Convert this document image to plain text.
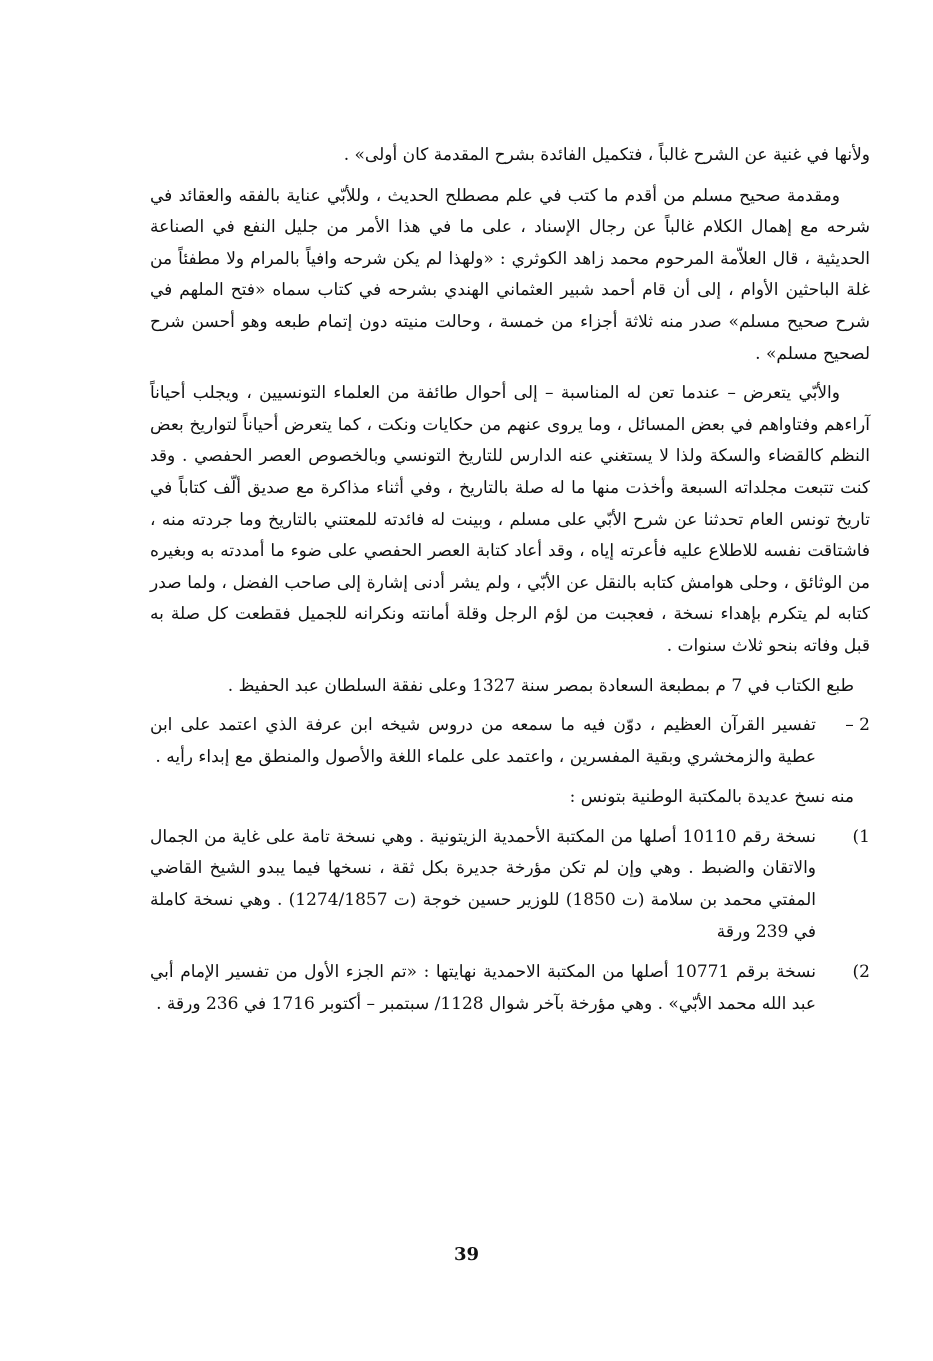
ولأنها في غنية عن الشرح غالباً ، فتكميل الفائدة بشرح المقدمة كان أولى» .

ومقدمة صحيح مسلم من أقدم ما كتب في علم مصطلح الحديث ، وللأبّي عناية بالفقه والعقائد في شرحه مع إهمال الكلام غالباً عن رجال الإسناد ، على ما في هذا الأمر من جليل النفع في الصناعة الحديثية ، قال العلاّمة المرحوم محمد زاهد الكوثري : «ولهذا لم يكن شرحه وافياً بالمرام ولا مطفئاً من غلة الباحثين الأوام ، إلى أن قام أحمد شبير العثماني الهندي بشرحه في كتاب سماه «فتح الملهم في شرح صحيح مسلم» صدر منه ثلاثة أجزاء من خمسة ، وحالت منيته دون إتمام طبعه وهو أحسن شرح لصحيح مسلم» .

والأبّي يتعرض – عندما تعن له المناسبة – إلى أحوال طائفة من العلماء التونسيين ، ويجلب أحياناً آراءهم وفتاواهم في بعض المسائل ، وما يروى عنهم من حكايات ونكت ، كما يتعرض أحياناً لتواريخ بعض النظم كالقضاء والسكة ولذا لا يستغني عنه الدارس للتاريخ التونسي وبالخصوص العصر الحفصي . وقد كنت تتبعت مجلداته السبعة وأخذت منها ما له صلة بالتاريخ ، وفي أثناء مذاكرة مع صديق ألّف كتاباً في تاريخ تونس العام تحدثنا عن شرح الأبّي على مسلم ، وبينت له فائدته للمعتني بالتاريخ وما جردته منه ، فاشتاقت نفسه للاطلاع عليه فأعرته إياه ، وقد أعاد كتابة العصر الحفصي على ضوء ما أمددته به وبغيره من الوثائق ، وحلى هوامش كتابه بالنقل عن الأبّي ، ولم يشر أدنى إشارة إلى صاحب الفضل ، ولما صدر كتابه لم يتكرم بإهداء نسخة ، فعجبت من لؤم الرجل وقلة أمانته ونكرانه للجميل فقطعت كل صلة به قبل وفاته بنحو ثلاث سنوات .

طبع الكتاب في 7 م بمطبعة السعادة بمصر سنة 1327 وعلى نفقة السلطان عبد الحفيظ .

2 –
تفسير القرآن العظيم ، دوّن فيه ما سمعه من دروس شيخه ابن عرفة الذي اعتمد على ابن عطية والزمخشري وبقية المفسرين ، واعتمد على علماء اللغة والأصول والمنطق مع إبداء رأيه .

منه نسخ عديدة بالمكتبة الوطنية بتونس :

1)
نسخة رقم 10110 أصلها من المكتبة الأحمدية الزيتونية . وهي نسخة تامة على غاية من الجمال والاتقان والضبط . وهي وإن لم تكن مؤرخة جديرة بكل ثقة ، نسخها فيما يبدو الشيخ القاضي المفتي محمد بن سلامة (ت 1850) للوزير حسين خوجة (ت 1274/1857) . وهي نسخة كاملة في 239 ورقة
2)
نسخة برقم 10771 أصلها من المكتبة الاحمدية نهايتها : «تم الجزء الأول من تفسير الإمام أبي عبد الله محمد الأبّي» . وهي مؤرخة بآخر شوال 1128/ سبتمبر – أكتوبر 1716 في 236 ورقة .
39
